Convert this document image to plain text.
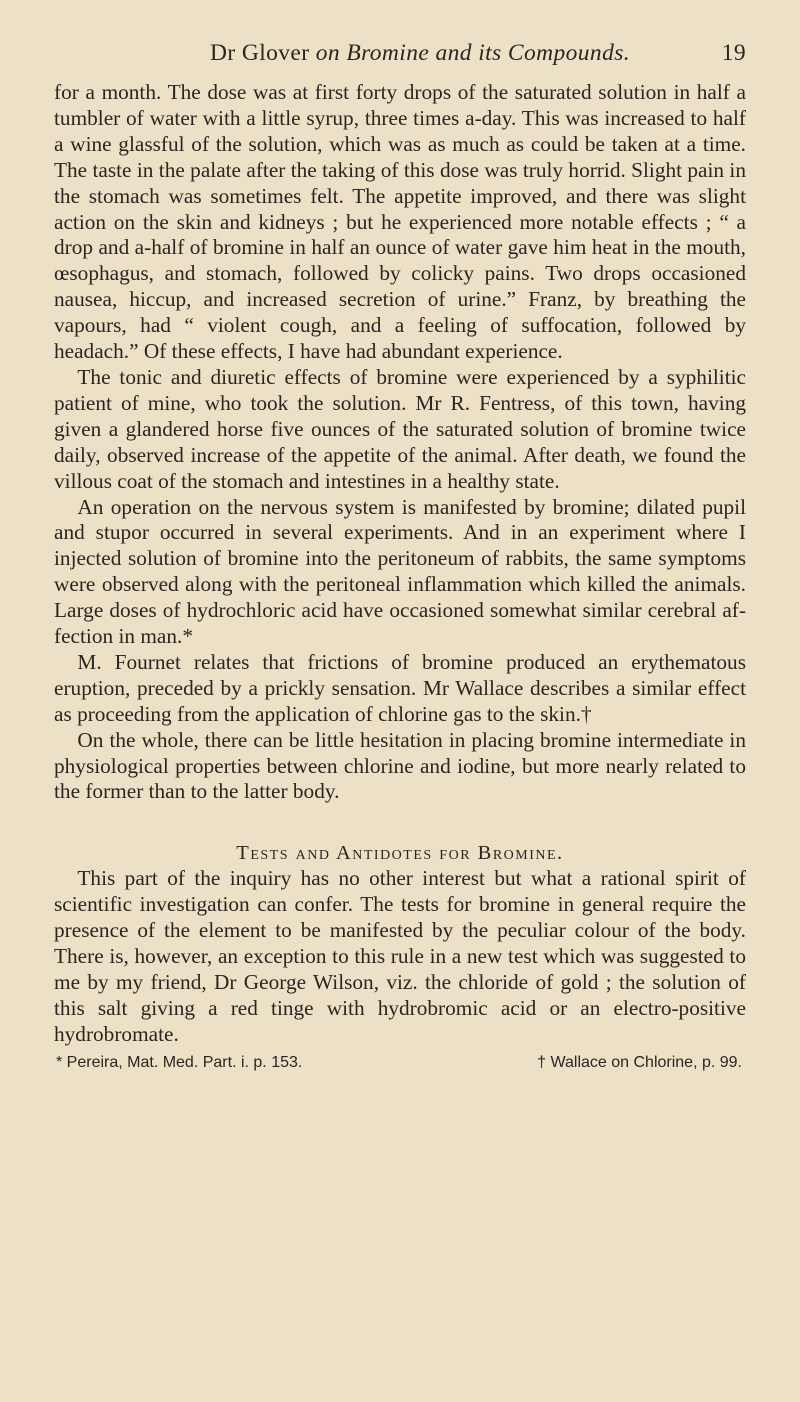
Dr Glover on Bromine and its Compounds.	19

for a month. The dose was at first forty drops of the saturated solution in half a tumbler of water with a little syrup, three times a-day. This was increased to half a wine glassful of the solution, which was as much as could be taken at a time. The taste in the palate after the taking of this dose was truly horrid. Slight pain in the stomach was sometimes felt. The appetite improved, and there was slight action on the skin and kidneys ; but he experienced more notable effects ; “ a drop and a-half of bromine in half an ounce of water gave him heat in the mouth, œsophagus, and stomach, followed by colicky pains. Two drops occasioned nausea, hiccup, and increased secretion of urine.” Franz, by breathing the vapours, had “ violent cough, and a feeling of suffocation, followed by headach.” Of these effects, I have had abundant experience.

The tonic and diuretic effects of bromine were experienced by a syphilitic patient of mine, who took the solution. Mr R. Fentress, of this town, having given a glandered horse five ounces of the saturated solution of bromine twice daily, observed increase of the appetite of the animal. After death, we found the villous coat of the stomach and intestines in a healthy state.

An operation on the nervous system is manifested by bromine; dilated pupil and stupor occurred in several experiments. And in an experiment where I injected solution of bromine into the peritoneum of rabbits, the same symptoms were observed along with the peritoneal inflammation which killed the animals. Large doses of hydrochloric acid have occasioned somewhat similar cerebral affection in man.*

M. Fournet relates that frictions of bromine produced an erythematous eruption, preceded by a prickly sensation. Mr Wallace describes a similar effect as proceeding from the application of chlorine gas to the skin.†

On the whole, there can be little hesitation in placing bromine intermediate in physiological properties between chlorine and iodine, but more nearly related to the former than to the latter body.

Tests and Antidotes for Bromine.

This part of the inquiry has no other interest but what a rational spirit of scientific investigation can confer. The tests for bromine in general require the presence of the element to be manifested by the peculiar colour of the body. There is, however, an exception to this rule in a new test which was suggested to me by my friend, Dr George Wilson, viz. the chloride of gold ; the solution of this salt giving a red tinge with hydrobromic acid or an electro-positive hydrobromate.

* Pereira, Mat. Med. Part. i. p. 153.	† Wallace on Chlorine, p. 99.
